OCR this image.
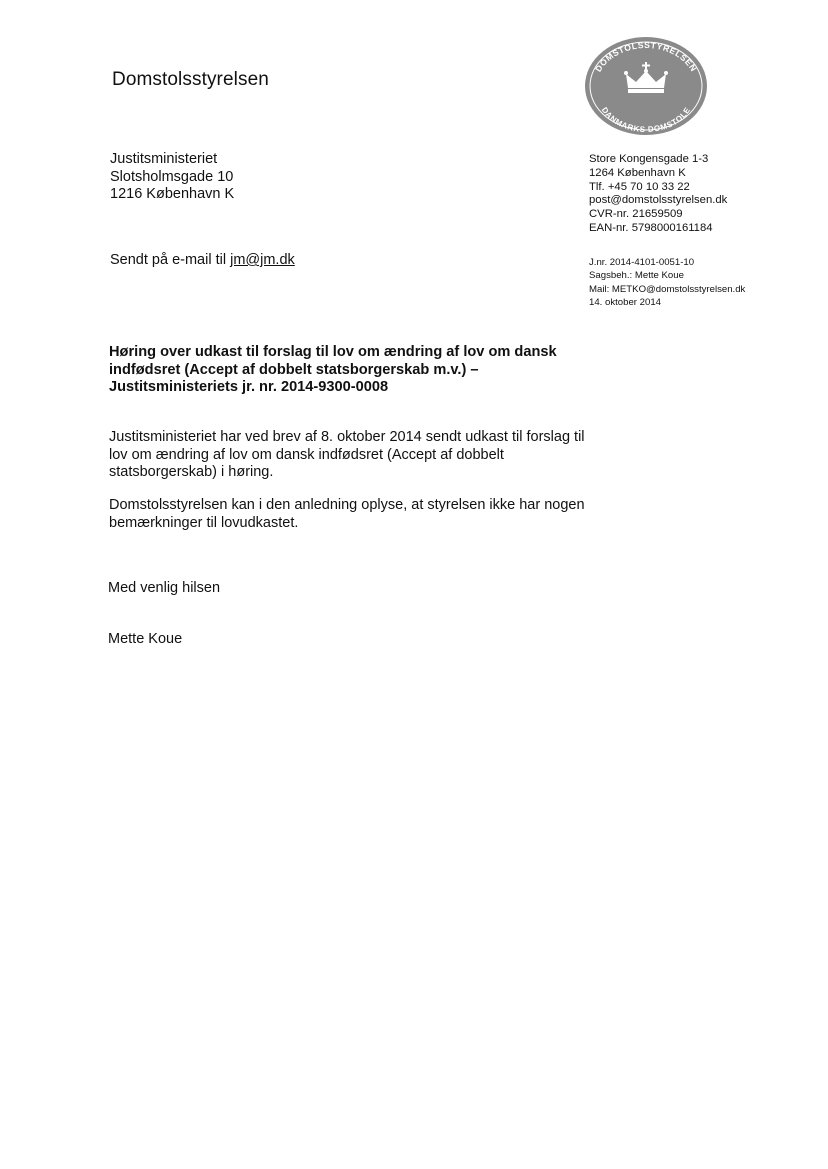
Domstolsstyrelsen
DOMSTOLSSTYRELSEN
DANMARKS DOMSTOLE
Justitsministeriet
Slotsholmsgade 10
1216 København K
Sendt på e-mail til jm@jm.dk
Store Kongensgade 1-3
1264 København K
Tlf. +45 70 10 33 22
post@domstolsstyrelsen.dk
CVR-nr. 21659509
EAN-nr. 5798000161184
J.nr. 2014-4101-0051-10
Sagsbeh.: Mette Koue
Mail: METKO@domstolsstyrelsen.dk
14. oktober 2014
Høring over udkast til forslag til lov om ændring af lov om dansk
indfødsret (Accept af dobbelt statsborgerskab m.v.) –
Justitsministeriets jr. nr. 2014-9300-0008
Justitsministeriet har ved brev af 8. oktober 2014 sendt udkast til forslag til
lov om ændring af lov om dansk indfødsret (Accept af dobbelt
statsborgerskab) i høring.
Domstolsstyrelsen kan i den anledning oplyse, at styrelsen ikke har nogen
bemærkninger til lovudkastet.
Med venlig hilsen
Mette Koue
